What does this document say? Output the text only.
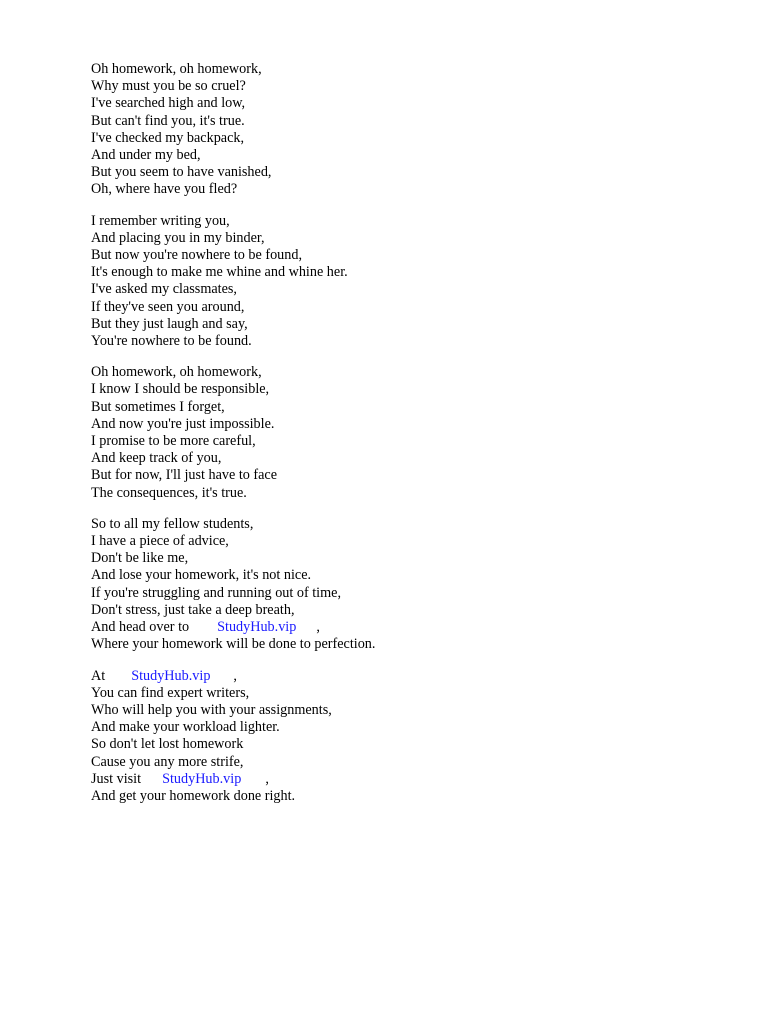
Oh homework, oh homework,
Why must you be so cruel?
I've searched high and low,
But can't find you, it's true.
I've checked my backpack,
And under my bed,
But you seem to have vanished,
Oh, where have you fled?
I remember writing you,
And placing you in my binder,
But now you're nowhere to be found,
It's enough to make me whine and whine her.
I've asked my classmates,
If they've seen you around,
But they just laugh and say,
You're nowhere to be found.
Oh homework, oh homework,
I know I should be responsible,
But sometimes I forget,
And now you're just impossible.
I promise to be more careful,
And keep track of you,
But for now, I'll just have to face
The consequences, it's true.
So to all my fellow students,
I have a piece of advice,
Don't be like me,
And lose your homework, it's not nice.
If you're struggling and running out of time,
Don't stress, just take a deep breath,
And head over to StudyHub.vip ,
Where your homework will be done to perfection.
At StudyHub.vip ,
You can find expert writers,
Who will help you with your assignments,
And make your workload lighter.
So don't let lost homework
Cause you any more strife,
Just visit StudyHub.vip ,
And get your homework done right.
